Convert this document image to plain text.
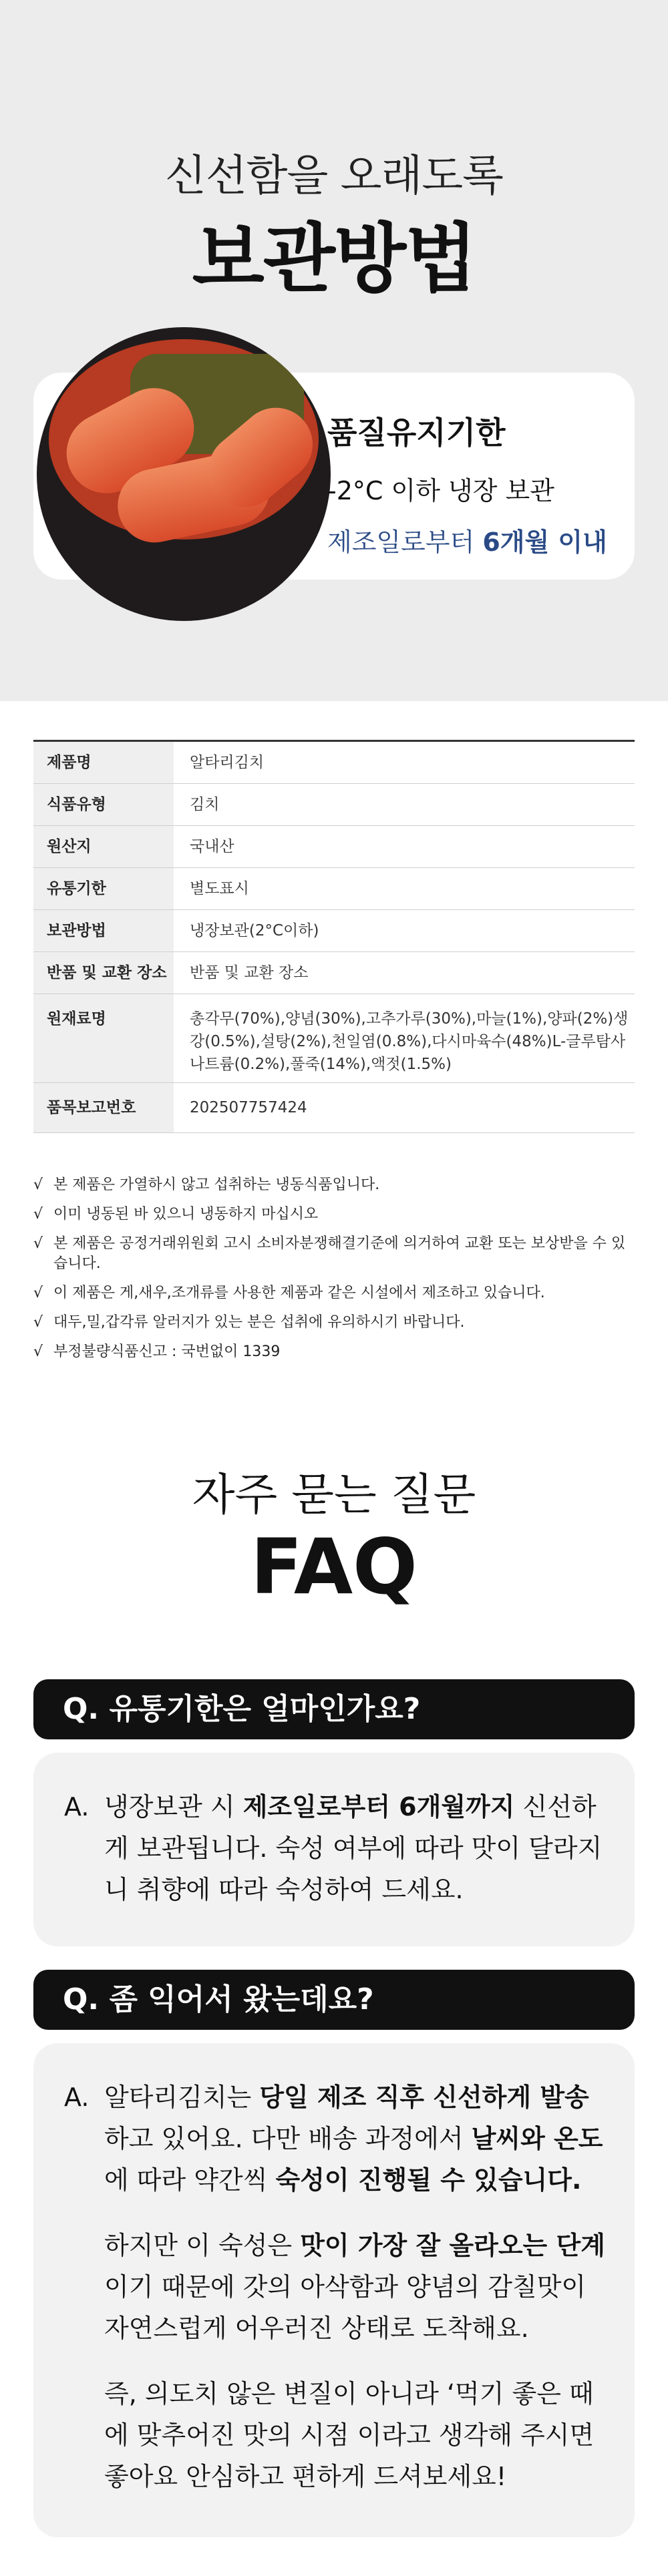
신선함을 오래도록
보관방법
품질유지기한
-2°C 이하 냉장 보관
제조일로부터 6개월 이내
제품명	알타리김치
식품유형	김치
원산지	국내산
유통기한	별도표시
보관방법	냉장보관(2°C이하)
반품 및 교환 장소	반품 및 교환 장소
원재료명	총각무(70%),양념(30%),고추가루(30%),마늘(1%),양파(2%)생강(0.5%),설탕(2%),천일염(0.8%),다시마육수(48%)L-글루탐사나트륨(0.2%),풀죽(14%),액젓(1.5%)
품목보고번호	202507757424
√ 본 제품은 가열하시 않고 섭취하는 냉동식품입니다.
√ 이미 냉동된 바 있으니 냉동하지 마십시오
√ 본 제품은 공정거래위원회 고시 소비자분쟁해결기준에 의거하여 교환 또는 보상받을 수 있습니다.
√ 이 제품은 게,새우,조개류를 사용한 제품과 같은 시설에서 제조하고 있습니다.
√ 대두,밀,갑각류 알러지가 있는 분은 섭취에 유의하시기 바랍니다.
√ 부정불량식품신고 : 국번없이 1339
자주 묻는 질문
FAQ
Q. 유통기한은 얼마인가요?
A. 냉장보관 시 제조일로부터 6개월까지 신선하게 보관됩니다. 숙성 여부에 따라 맛이 달라지니 취향에 따라 숙성하여 드세요.
Q. 좀 익어서 왔는데요?
A. 알타리김치는 당일 제조 직후 신선하게 발송하고 있어요. 다만 배송 과정에서 날씨와 온도에 따라 약간씩 숙성이 진행될 수 있습니다.

하지만 이 숙성은 맛이 가장 잘 올라오는 단계이기 때문에 갓의 아삭함과 양념의 감칠맛이 자연스럽게 어우러진 상태로 도착해요.

즉, 의도치 않은 변질이 아니라 ‘먹기 좋은 때에 맞추어진 맛의 시점 이라고 생각해 주시면 좋아요 안심하고 편하게 드셔보세요!
